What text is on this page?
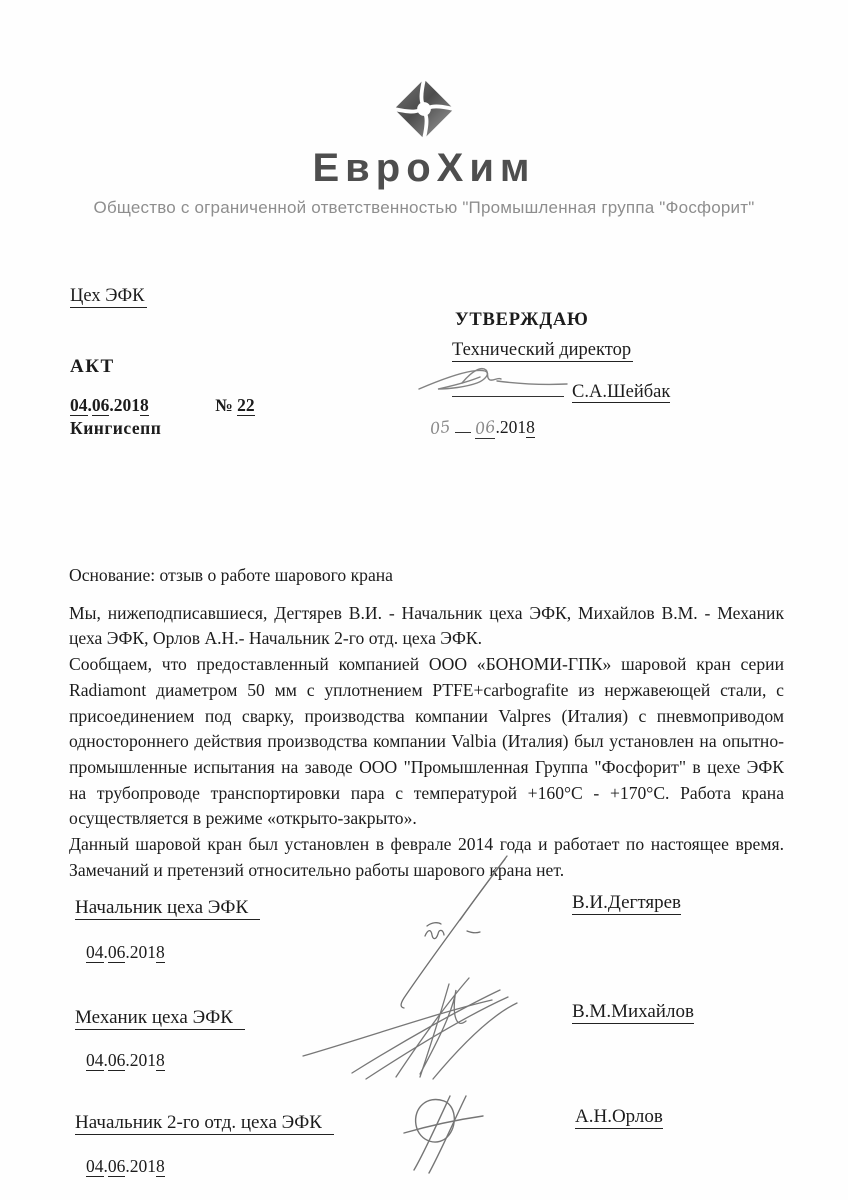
ЕвроХим
Общество с ограниченной ответственностью "Промышленная группа "Фосфорит"
Цех ЭФК
АКТ
04.06.2018	№ 22
Кингисепп
УТВЕРЖДАЮ
Технический директор
С.А.Шейбак
05 06.2018

Основание: отзыв о работе шарового крана

Мы, нижеподписавшиеся, Дегтярев В.И. - Начальник цеха ЭФК, Михайлов В.М. - Механик цеха ЭФК, Орлов А.Н.- Начальник 2-го отд. цеха ЭФК.

Сообщаем, что предоставленный компанией ООО «БОНОМИ-ГПК» шаровой кран серии Radiamont диаметром 50 мм с уплотнением PTFE+carbografite из нержавеющей стали, с присоединением под сварку, производства компании Valpres (Италия) с пневмоприводом одностороннего действия производства компании Valbia (Италия) был установлен на опытно-промышленные испытания на заводе ООО "Промышленная Группа "Фосфорит" в цехе ЭФК на трубопроводе транспортировки пара с температурой +160°С - +170°С. Работа крана осуществляется в режиме «открыто-закрыто».

Данный шаровой кран был установлен в феврале 2014 года и работает по настоящее время. Замечаний и претензий относительно работы шарового крана нет.

Начальник цеха ЭФК
04.06.2018
В.И.Дегтярев
Механик цеха ЭФК
04.06.2018
В.М.Михайлов
Начальник 2-го отд. цеха ЭФК
04.06.2018
А.Н.Орлов
